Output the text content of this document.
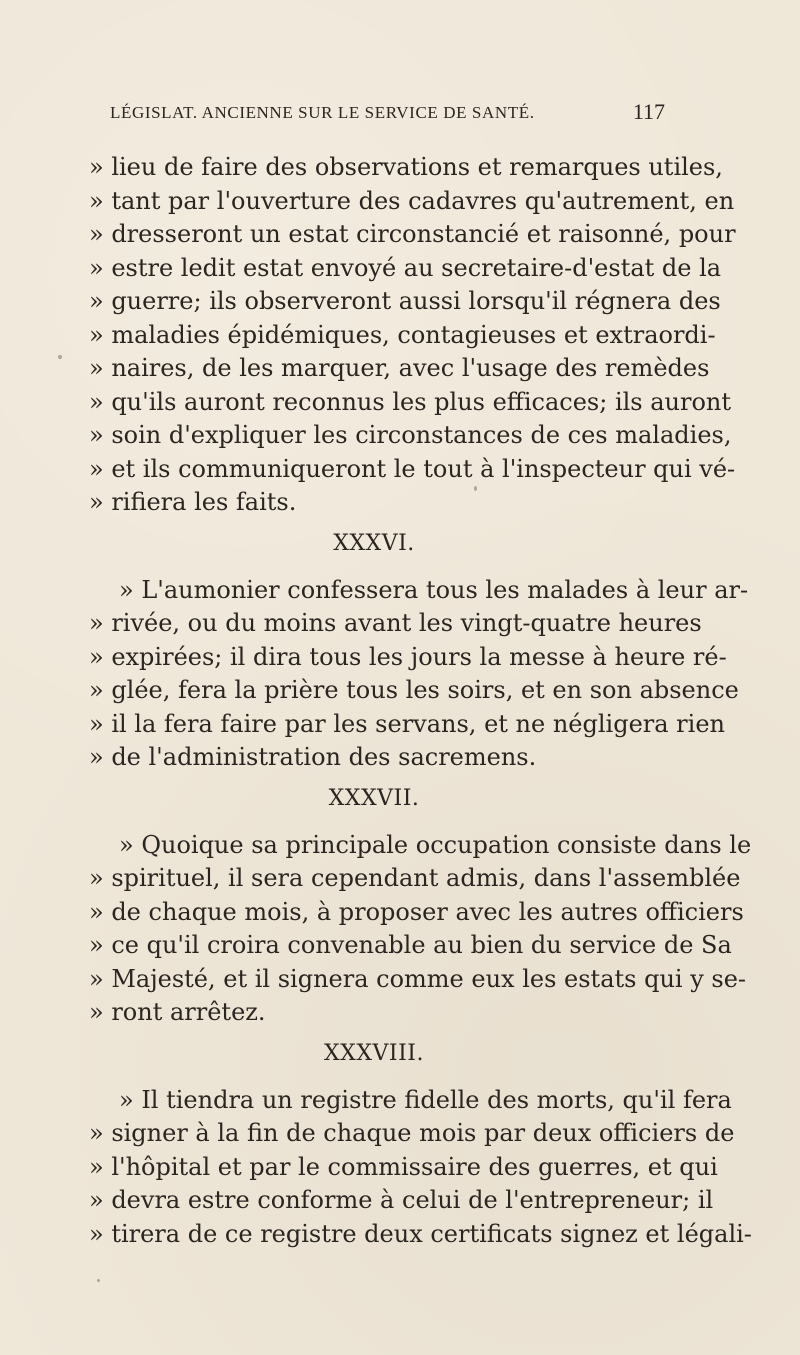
LÉGISLAT. ANCIENNE SUR LE SERVICE DE SANTÉ.	117
» lieu de faire des observations et remarques utiles,
» tant par l'ouverture des cadavres qu'autrement, en
» dresseront un estat circonstancié et raisonné, pour
» estre ledit estat envoyé au secretaire-d'estat de la
» guerre; ils observeront aussi lorsqu'il régnera des
» maladies épidémiques, contagieuses et extraordi-
» naires, de les marquer, avec l'usage des remèdes
» qu'ils auront reconnus les plus efficaces; ils auront
» soin d'expliquer les circonstances de ces maladies,
» et ils communiqueront le tout à l'inspecteur qui vé-
» rifiera les faits.
XXXVI.
» L'aumonier confessera tous les malades à leur ar-
» rivée, ou du moins avant les vingt-quatre heures
» expirées; il dira tous les jours la messe à heure ré-
» glée, fera la prière tous les soirs, et en son absence
» il la fera faire par les servans, et ne négligera rien
» de l'administration des sacremens.
XXXVII.
» Quoique sa principale occupation consiste dans le
» spirituel, il sera cependant admis, dans l'assemblée
» de chaque mois, à proposer avec les autres officiers
» ce qu'il croira convenable au bien du service de Sa
» Majesté, et il signera comme eux les estats qui y se-
» ront arrêtez.
XXXVIII.
» Il tiendra un registre fidelle des morts, qu'il fera
» signer à la fin de chaque mois par deux officiers de
» l'hôpital et par le commissaire des guerres, et qui
» devra estre conforme à celui de l'entrepreneur; il
» tirera de ce registre deux certificats signez et légali-
